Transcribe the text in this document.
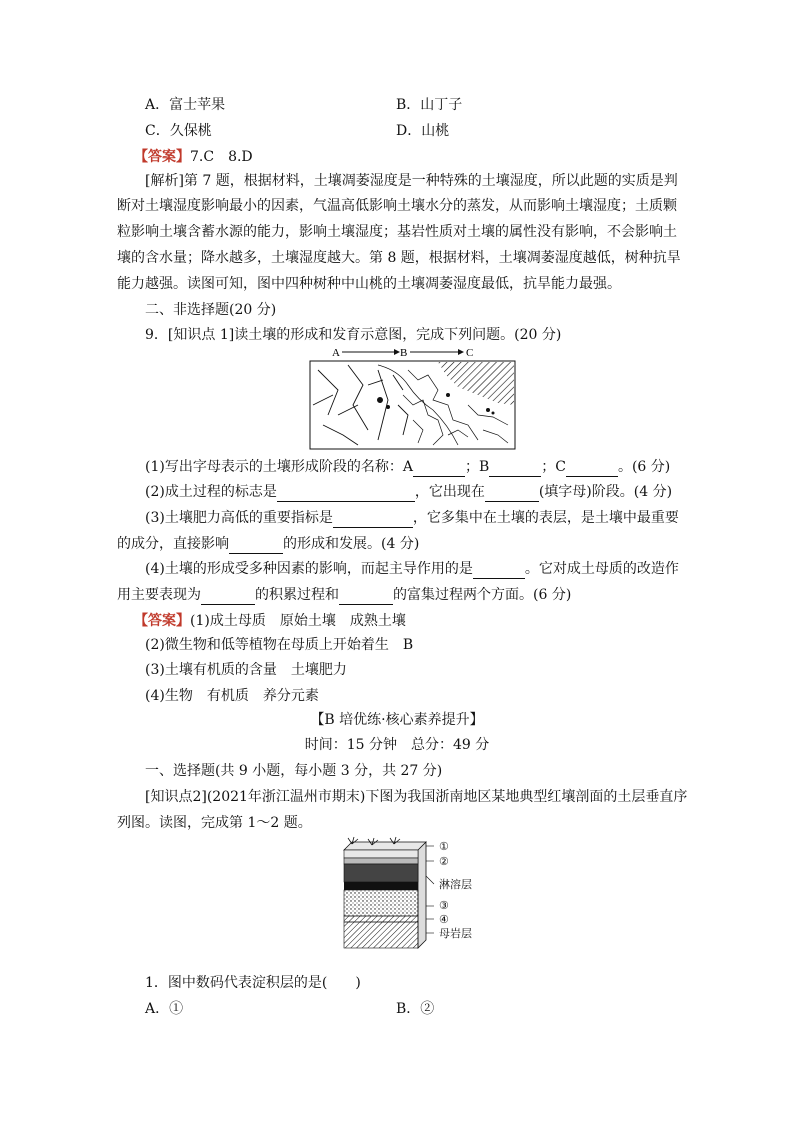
A．富士苹果	B．山丁子
C．久保桃	D．山桃
【答案】7.C　8.D
[解析]第 7 题，根据材料，土壤凋萎湿度是一种特殊的土壤湿度，所以此题的实质是判
断对土壤湿度影响最小的因素，气温高低影响土壤水分的蒸发，从而影响土壤湿度；土质颗
粒影响土壤含蓄水源的能力，影响土壤湿度；基岩性质对土壤的属性没有影响，不会影响土
壤的含水量；降水越多，土壤湿度越大。第 8 题，根据材料，土壤凋萎湿度越低，树种抗旱
能力越强。读图可知，图中四种树种中山桃的土壤凋萎湿度最低，抗旱能力最强。
二、非选择题(20 分)
9．[知识点 1]读土壤的形成和发育示意图，完成下列问题。(20 分)
A	B	C
(1)写出字母表示的土壤形成阶段的名称：A	；B	；C	。(6 分)
(2)成土过程的标志是	，它出现在	(填字母)阶段。(4 分)
(3)土壤肥力高低的重要指标是	，它多集中在土壤的表层，是土壤中最重要
的成分，直接影响	的形成和发展。(4 分)
(4)土壤的形成受多种因素的影响，而起主导作用的是	。它对成土母质的改造作
用主要表现为	的积累过程和	的富集过程两个方面。(6 分)
【答案】(1)成土母质　原始土壤　成熟土壤
(2)微生物和低等植物在母质上开始着生　B
(3)土壤有机质的含量　土壤肥力
(4)生物　有机质　养分元素
【B 培优练·核心素养提升】
时间：15 分钟　总分：49 分
一、选择题(共 9 小题，每小题 3 分，共 27 分)
[知识点2](2021年浙江温州市期末)下图为我国浙南地区某地典型红壤剖面的土层垂直序
列图。读图，完成第 1～2 题。
①
②
淋溶层
③
④
母岩层
1．图中数码代表淀积层的是(　　)
A．①	B．②
